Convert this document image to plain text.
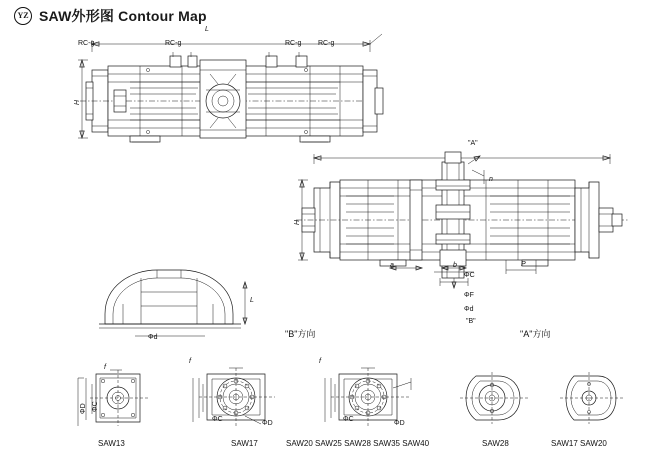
YZ SAW外形图 Contour Map
L
H
RC-g	RC-g	RC-g RC-g
H
"A"
n
a	b	P
ΦC
ΦF
Φd
"B"
L
Φd	"B"方向	"A"方向
f
ΦD ΦC
SAW13
f
ΦC
ΦD
SAW17
f
ΦC
ΦD
SAW20 SAW25 SAW28 SAW35 SAW40	SAW28	SAW17 SAW20
